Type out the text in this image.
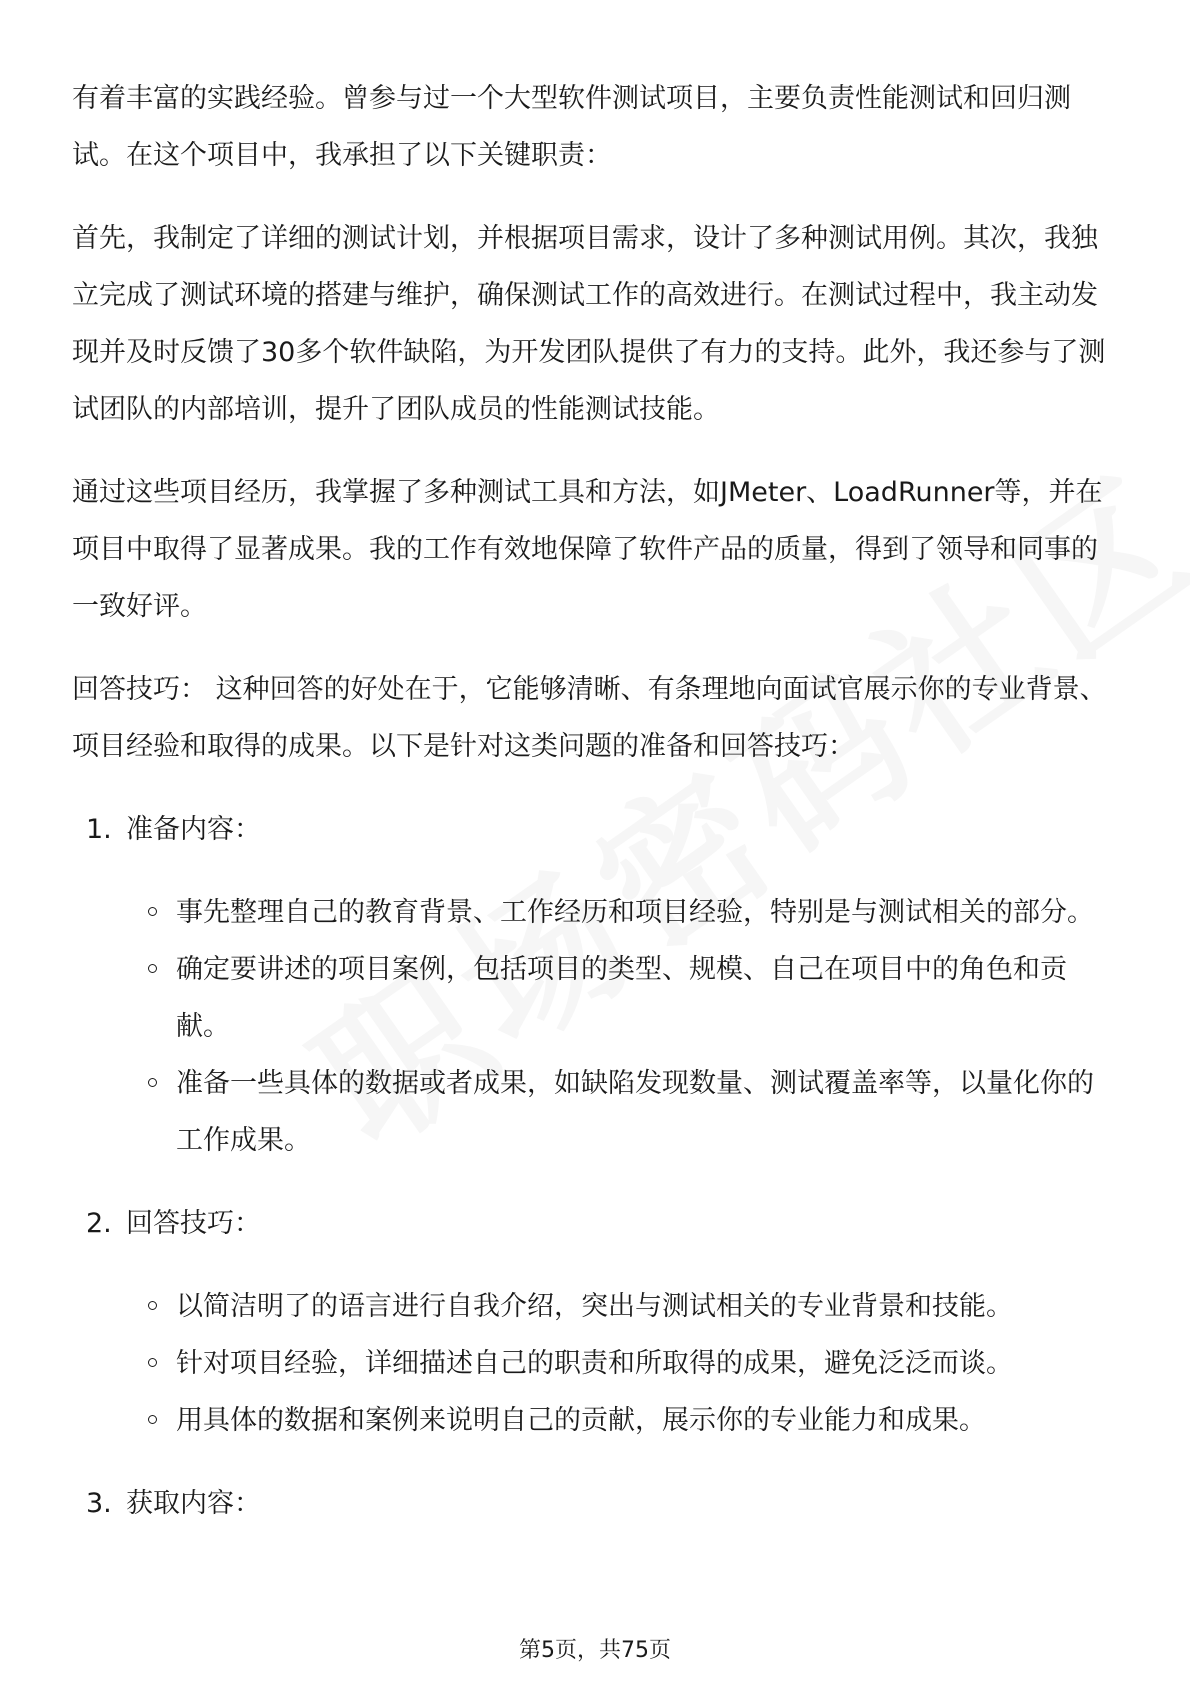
有着丰富的实践经验。曾参与过一个大型软件测试项目，主要负责性能测试和回归测试。在这个项目中，我承担了以下关键职责：

首先，我制定了详细的测试计划，并根据项目需求，设计了多种测试用例。其次，我独立完成了测试环境的搭建与维护，确保测试工作的高效进行。在测试过程中，我主动发现并及时反馈了30多个软件缺陷，为开发团队提供了有力的支持。此外，我还参与了测试团队的内部培训，提升了团队成员的性能测试技能。

通过这些项目经历，我掌握了多种测试工具和方法，如JMeter、LoadRunner等，并在项目中取得了显著成果。我的工作有效地保障了软件产品的质量，得到了领导和同事的一致好评。

回答技巧： 这种回答的好处在于，它能够清晰、有条理地向面试官展示你的专业背景、项目经验和取得的成果。以下是针对这类问题的准备和回答技巧：

1. 准备内容：
事先整理自己的教育背景、工作经历和项目经验，特别是与测试相关的部分。
确定要讲述的项目案例，包括项目的类型、规模、自己在项目中的角色和贡献。
准备一些具体的数据或者成果，如缺陷发现数量、测试覆盖率等，以量化你的工作成果。
2. 回答技巧：
以简洁明了的语言进行自我介绍，突出与测试相关的专业背景和技能。
针对项目经验，详细描述自己的职责和所取得的成果，避免泛泛而谈。
用具体的数据和案例来说明自己的贡献，展示你的专业能力和成果。
3. 获取内容：
第5页，共75页
